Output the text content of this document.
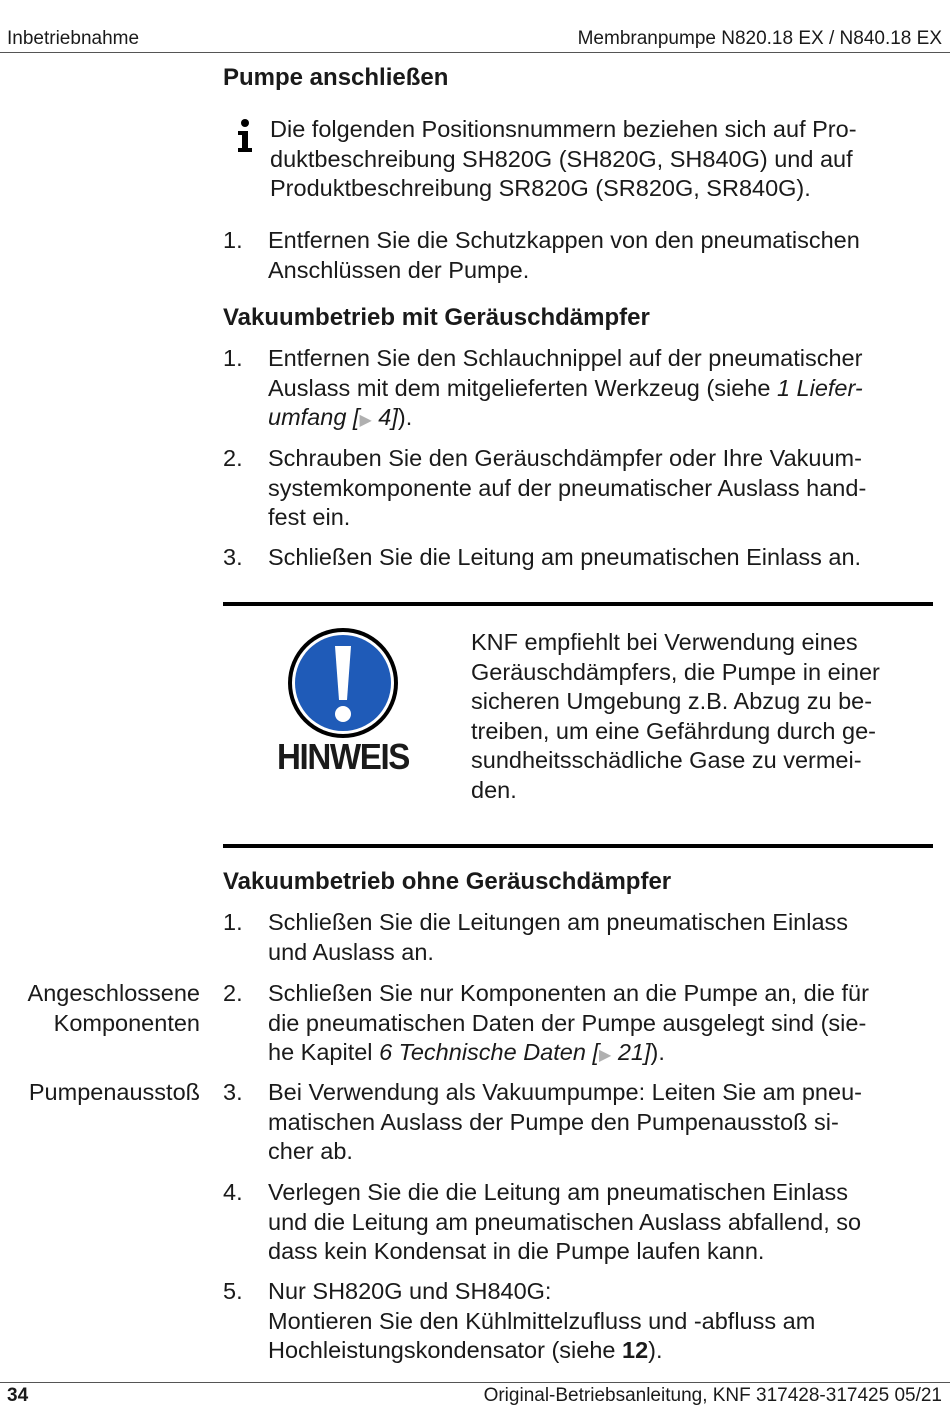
Inbetriebnahme	Membranpumpe N820.18 EX / N840.18 EX
Pumpe anschließen
Die folgenden Positionsnummern beziehen sich auf Pro-
duktbeschreibung SH820G (SH820G, SH840G) und auf
Produktbeschreibung SR820G (SR820G, SR840G).
1. Entfernen Sie die Schutzkappen von den pneumatischen
Anschlüssen der Pumpe.
Vakuumbetrieb mit Geräuschdämpfer
1. Entfernen Sie den Schlauchnippel auf der pneumatischer
Auslass mit dem mitgelieferten Werkzeug (siehe 1 Liefer-
umfang [▶ 4]).
2. Schrauben Sie den Geräuschdämpfer oder Ihre Vakuum-
systemkomponente auf der pneumatischer Auslass hand-
fest ein.
3. Schließen Sie die Leitung am pneumatischen Einlass an.
HINWEIS
KNF empfiehlt bei Verwendung eines
Geräuschdämpfers, die Pumpe in einer
sicheren Umgebung z.B. Abzug zu be-
treiben, um eine Gefährdung durch ge-
sundheitsschädliche Gase zu vermei-
den.
Vakuumbetrieb ohne Geräuschdämpfer
1. Schließen Sie die Leitungen am pneumatischen Einlass
und Auslass an.
Angeschlossene
Komponenten
2. Schließen Sie nur Komponenten an die Pumpe an, die für
die pneumatischen Daten der Pumpe ausgelegt sind (sie-
he Kapitel 6 Technische Daten [▶ 21]).
Pumpenausstoß 3. Bei Verwendung als Vakuumpumpe: Leiten Sie am pneu-
matischen Auslass der Pumpe den Pumpenausstoß si-
cher ab.
4. Verlegen Sie die die Leitung am pneumatischen Einlass
und die Leitung am pneumatischen Auslass abfallend, so
dass kein Kondensat in die Pumpe laufen kann.
5. Nur SH820G und SH840G:
Montieren Sie den Kühlmittelzufluss und -abfluss am
Hochleistungskondensator (siehe 12).
34	Original-Betriebsanleitung, KNF 317428-317425 05/21
